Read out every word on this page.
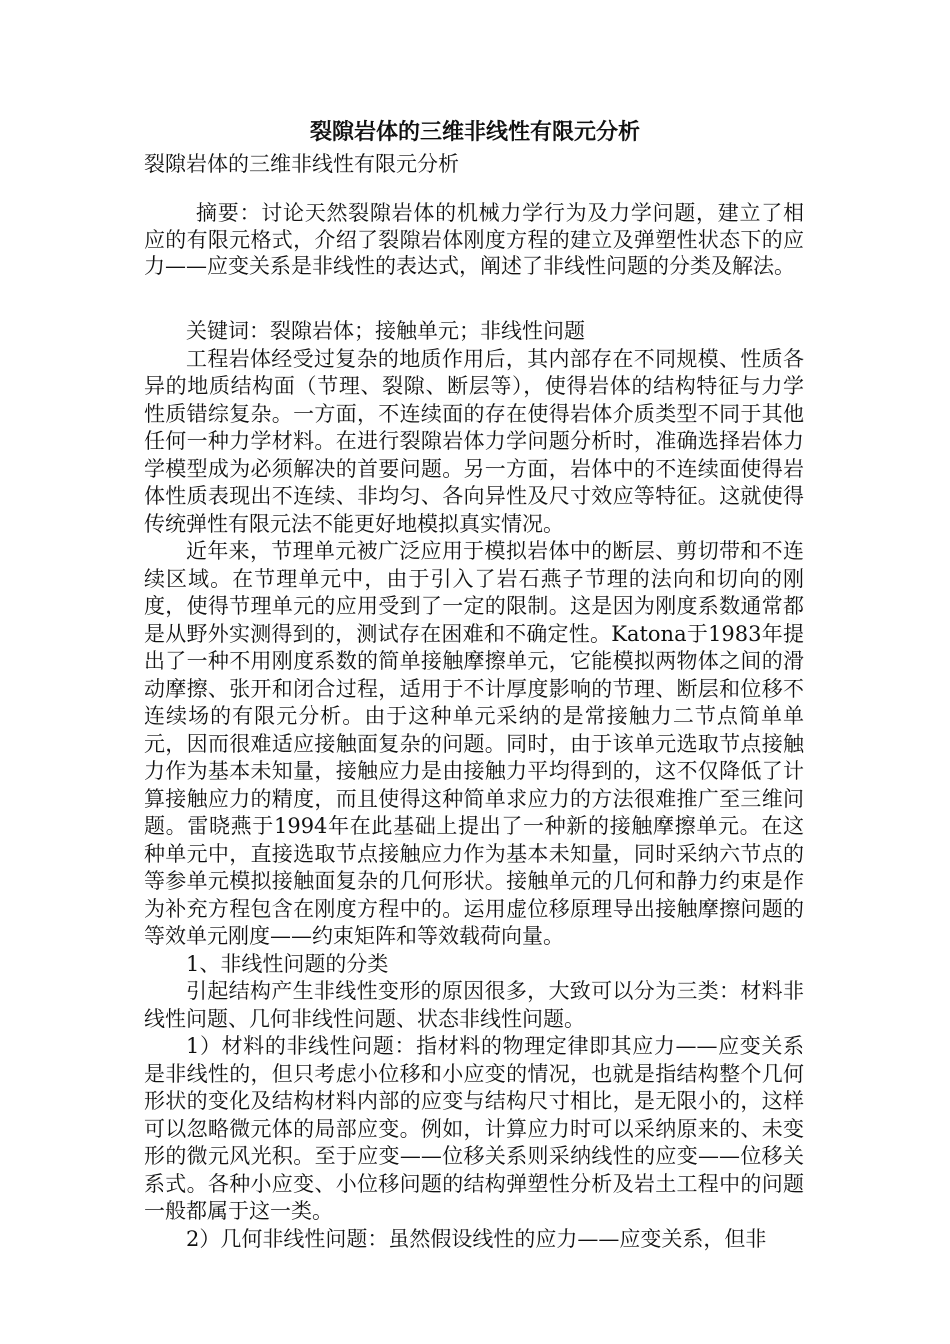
裂隙岩体的三维非线性有限元分析
裂隙岩体的三维非线性有限元分析

摘要：讨论天然裂隙岩体的机械力学行为及力学问题，建立了相应的有限元格式，介绍了裂隙岩体刚度方程的建立及弹塑性状态下的应力——应变关系是非线性的表达式，阐述了非线性问题的分类及解法。

关键词：裂隙岩体；接触单元；非线性问题

工程岩体经受过复杂的地质作用后，其内部存在不同规模、性质各异的地质结构面（节理、裂隙、断层等），使得岩体的结构特征与力学性质错综复杂。一方面，不连续面的存在使得岩体介质类型不同于其他任何一种力学材料。在进行裂隙岩体力学问题分析时，准确选择岩体力学模型成为必须解决的首要问题。另一方面，岩体中的不连续面使得岩体性质表现出不连续、非均匀、各向异性及尺寸效应等特征。这就使得传统弹性有限元法不能更好地模拟真实情况。

近年来，节理单元被广泛应用于模拟岩体中的断层、剪切带和不连续区域。在节理单元中，由于引入了岩石燕子节理的法向和切向的刚度，使得节理单元的应用受到了一定的限制。这是因为刚度系数通常都是从野外实测得到的，测试存在困难和不确定性。Katona于1983年提出了一种不用刚度系数的简单接触摩擦单元，它能模拟两物体之间的滑动摩擦、张开和闭合过程，适用于不计厚度影响的节理、断层和位移不连续场的有限元分析。由于这种单元采纳的是常接触力二节点简单单元，因而很难适应接触面复杂的问题。同时，由于该单元选取节点接触力作为基本未知量，接触应力是由接触力平均得到的，这不仅降低了计算接触应力的精度，而且使得这种简单求应力的方法很难推广至三维问题。雷晓燕于1994年在此基础上提出了一种新的接触摩擦单元。在这种单元中，直接选取节点接触应力作为基本未知量，同时采纳六节点的等参单元模拟接触面复杂的几何形状。接触单元的几何和静力约束是作为补充方程包含在刚度方程中的。运用虚位移原理导出接触摩擦问题的等效单元刚度——约束矩阵和等效载荷向量。

1、非线性问题的分类

引起结构产生非线性变形的原因很多，大致可以分为三类：材料非线性问题、几何非线性问题、状态非线性问题。

1）材料的非线性问题：指材料的物理定律即其应力——应变关系是非线性的，但只考虑小位移和小应变的情况，也就是指结构整个几何形状的变化及结构材料内部的应变与结构尺寸相比，是无限小的，这样可以忽略微元体的局部应变。例如，计算应力时可以采纳原来的、未变形的微元风光积。至于应变——位移关系则采纳线性的应变——位移关系式。各种小应变、小位移问题的结构弹塑性分析及岩土工程中的问题一般都属于这一类。

2）几何非线性问题：虽然假设线性的应力——应变关系，但非
